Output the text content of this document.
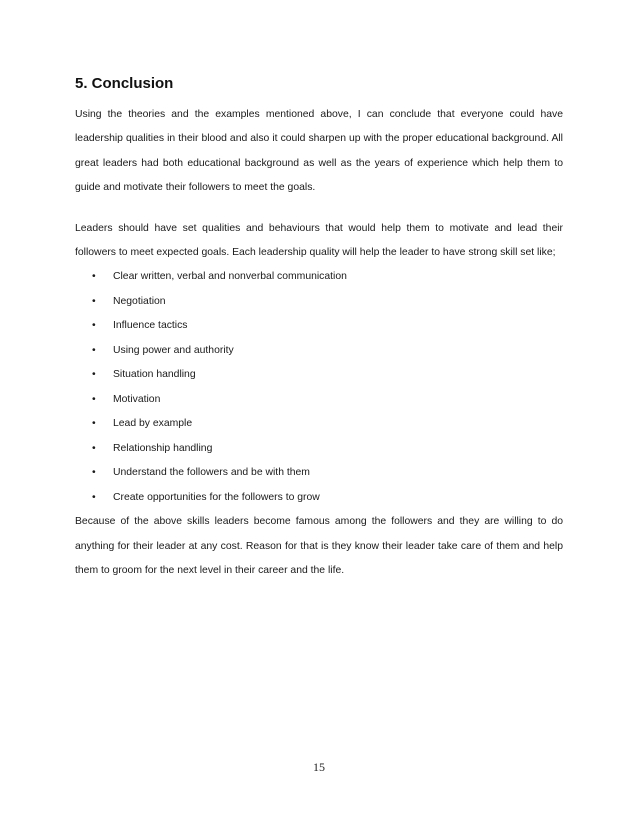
5. Conclusion

Using the theories and the examples mentioned above, I can conclude that everyone could have leadership qualities in their blood and also it could sharpen up with the proper educational background. All great leaders had both educational background as well as the years of experience which help them to guide and motivate their followers to meet the goals.

Leaders should have set qualities and behaviours that would help them to motivate and lead their followers to meet expected goals. Each leadership quality will help the leader to have strong skill set like;

• Clear written, verbal and nonverbal communication
• Negotiation
• Influence tactics
• Using power and authority
• Situation handling
• Motivation
• Lead by example
• Relationship handling
• Understand the followers and be with them
• Create opportunities for the followers to grow

Because of the above skills leaders become famous among the followers and they are willing to do anything for their leader at any cost. Reason for that is they know their leader take care of them and help them to groom for the next level in their career and the life.

15
